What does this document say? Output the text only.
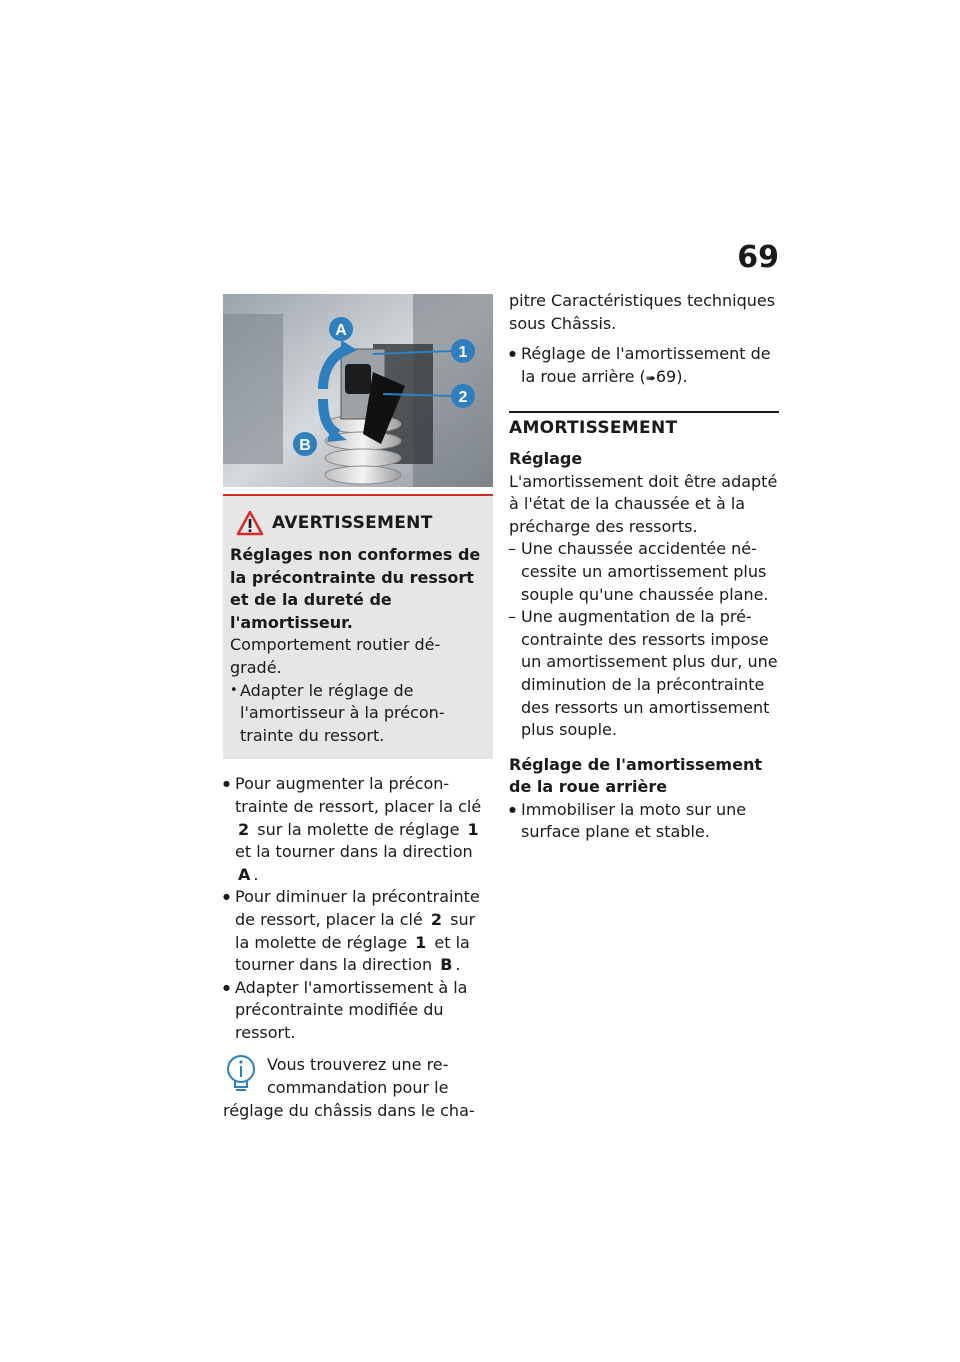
69
A
B
1
2
AVERTISSEMENT

Réglages non conformes de la précontrainte du ressort et de la dureté de l'amortisseur.

Comportement routier dégradé.

• Adapter le réglage de l'amortisseur à la précontrainte du ressort.
● Pour augmenter la précontrainte de ressort, placer la clé 2 sur la molette de réglage 1 et la tourner dans la direction A .
● Pour diminuer la précontrainte de ressort, placer la clé 2 sur la molette de réglage 1 et la tourner dans la direction B .
● Adapter l'amortissement à la précontrainte modifiée du ressort.

Vous trouverez une recommandation pour le réglage du châssis dans le cha-

pitre Caractéristiques techniques sous Châssis.

● Réglage de l'amortissement de la roue arrière (➠69).
AMORTISSEMENT

Réglage

L'amortissement doit être adapté à l'état de la chaussée et à la précharge des ressorts.

– Une chaussée accidentée nécessite un amortissement plus souple qu'une chaussée plane.
– Une augmentation de la précontrainte des ressorts impose un amortissement plus dur, une diminution de la précontrainte des ressorts un amortissement plus souple.

Réglage de l'amortissement de la roue arrière

● Immobiliser la moto sur une surface plane et stable.
